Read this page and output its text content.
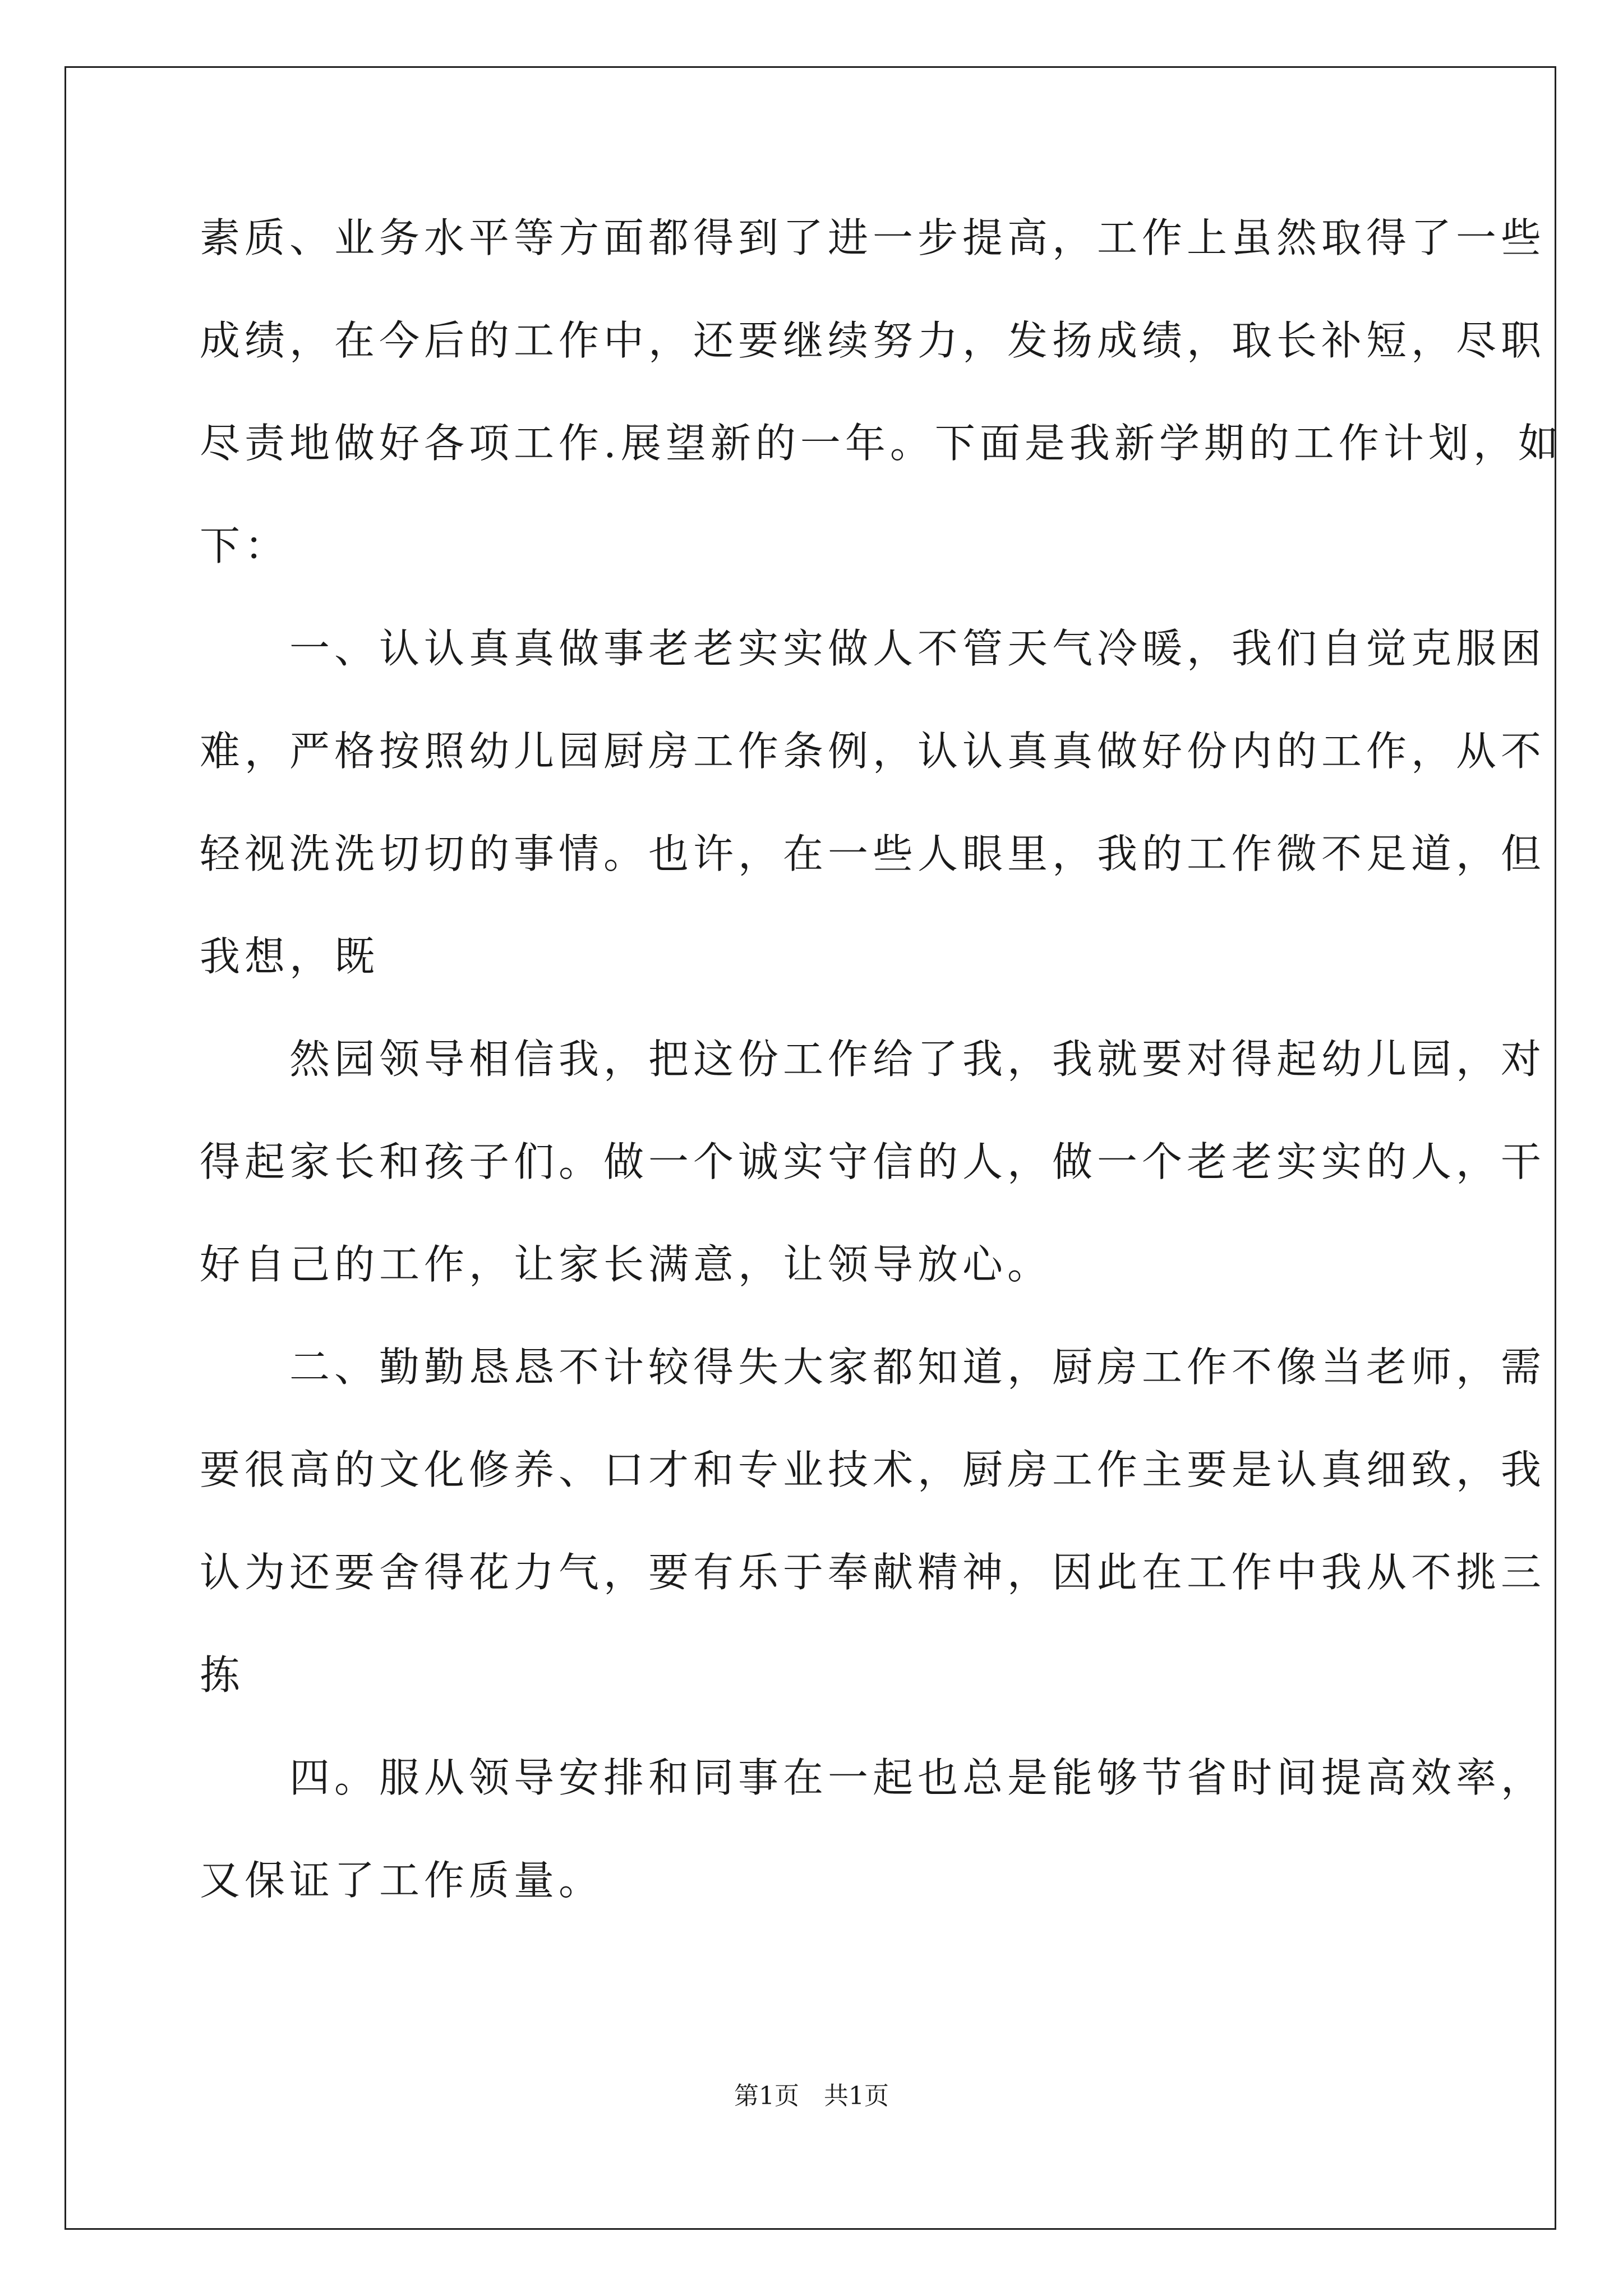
素质、业务水平等方面都得到了进一步提高，工作上虽然取得了一些
成绩，在今后的工作中，还要继续努力，发扬成绩，取长补短，尽职
尽责地做好各项工作.展望新的一年。下面是我新学期的工作计划，如
下：
　　一、认认真真做事老老实实做人不管天气冷暖，我们自觉克服困
难，严格按照幼儿园厨房工作条例，认认真真做好份内的工作，从不
轻视洗洗切切的事情。也许，在一些人眼里，我的工作微不足道，但
我想，既
　　然园领导相信我，把这份工作给了我，我就要对得起幼儿园，对
得起家长和孩子们。做一个诚实守信的人，做一个老老实实的人，干
好自己的工作，让家长满意，让领导放心。
　　二、勤勤恳恳不计较得失大家都知道，厨房工作不像当老师，需
要很高的文化修养、口才和专业技术，厨房工作主要是认真细致，我
认为还要舍得花力气，要有乐于奉献精神，因此在工作中我从不挑三
拣
　　四。服从领导安排和同事在一起也总是能够节省时间提高效率，
又保证了工作质量。
第1页　共1页
